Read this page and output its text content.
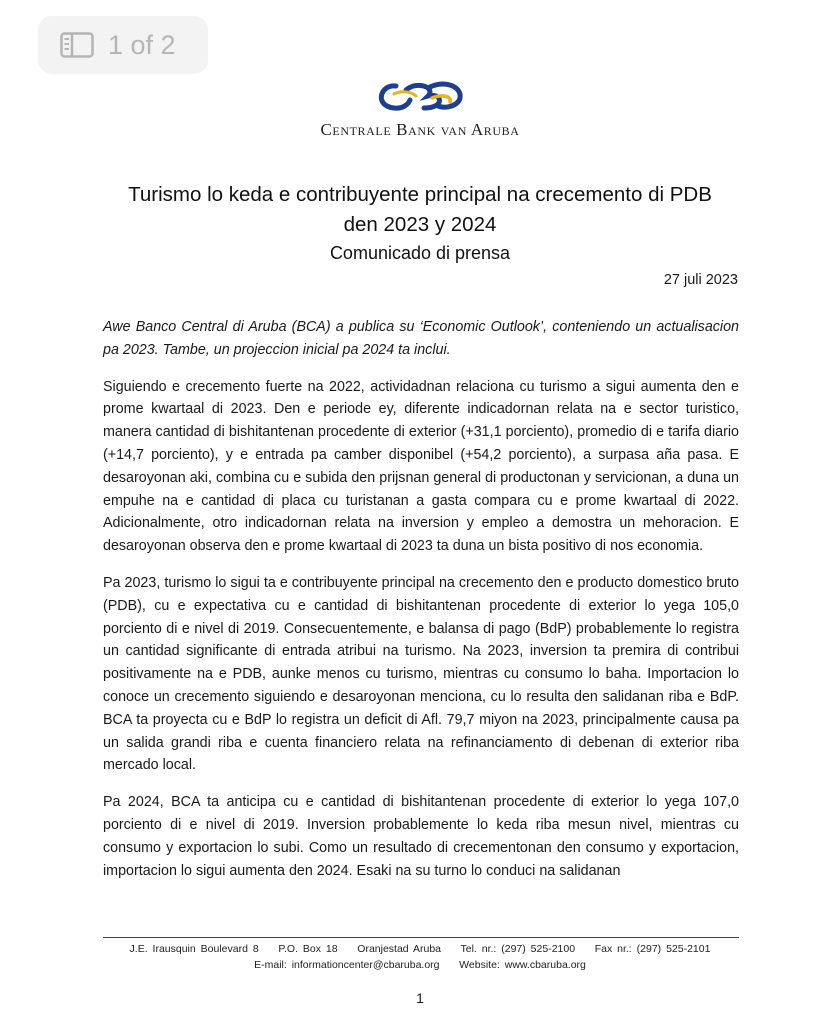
1 of 2
Centrale Bank van Aruba
Turismo lo keda e contribuyente principal na crecemento di PDB
den 2023 y 2024
Comunicado di prensa
27 juli 2023

Awe Banco Central di Aruba (BCA) a publica su ‘Economic Outlook’, conteniendo un actualisacion pa 2023. Tambe, un projeccion inicial pa 2024 ta inclui.

Siguiendo e crecemento fuerte na 2022, actividadnan relaciona cu turismo a sigui aumenta den e prome kwartaal di 2023. Den e periode ey, diferente indicadornan relata na e sector turistico, manera cantidad di bishitantenan procedente di exterior (+31,1 porciento), promedio di e tarifa diario (+14,7 porciento), y e entrada pa camber disponibel (+54,2 porciento), a surpasa aña pasa. E desaroyonan aki, combina cu e subida den prijsnan general di productonan y servicionan, a duna un empuhe na e cantidad di placa cu turistanan a gasta compara cu e prome kwartaal di 2022. Adicionalmente, otro indicadornan relata na inversion y empleo a demostra un mehoracion. E desaroyonan observa den e prome kwartaal di 2023 ta duna un bista positivo di nos economia.

Pa 2023, turismo lo sigui ta e contribuyente principal na crecemento den e producto domestico bruto (PDB), cu e expectativa cu e cantidad di bishitantenan procedente di exterior lo yega 105,0 porciento di e nivel di 2019. Consecuentemente, e balansa di pago (BdP) probablemente lo registra un cantidad significante di entrada atribui na turismo. Na 2023, inversion ta premira di contribui positivamente na e PDB, aunke menos cu turismo, mientras cu consumo lo baha. Importacion lo conoce un crecemento siguiendo e desaroyonan menciona, cu lo resulta den salidanan riba e BdP. BCA ta proyecta cu e BdP lo registra un deficit di Afl. 79,7 miyon na 2023, principalmente causa pa un salida grandi riba e cuenta financiero relata na refinanciamento di debenan di exterior riba mercado local.

Pa 2024, BCA ta anticipa cu e cantidad di bishitantenan procedente di exterior lo yega 107,0 porciento di e nivel di 2019. Inversion probablemente lo keda riba mesun nivel, mientras cu consumo y exportacion lo subi. Como un resultado di crecementonan den consumo y exportacion, importacion lo sigui aumenta den 2024. Esaki na su turno lo conduci na salidanan

J.E. Irausquin Boulevard 8    P.O. Box 18    Oranjestad Aruba    Tel. nr.: (297) 525-2100    Fax nr.: (297) 525-2101
E-mail: informationcenter@cbaruba.org    Website: www.cbaruba.org
1
